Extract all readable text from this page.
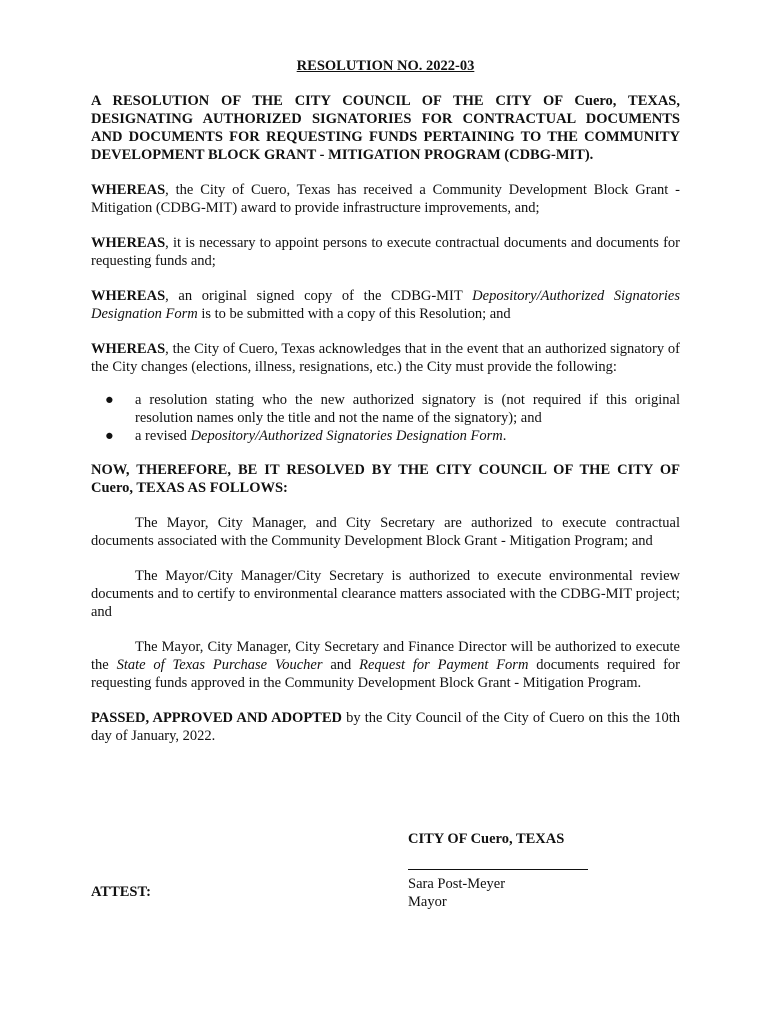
RESOLUTION NO. 2022-03
A RESOLUTION OF THE CITY COUNCIL OF THE CITY OF Cuero, TEXAS, DESIGNATING AUTHORIZED SIGNATORIES FOR CONTRACTUAL DOCUMENTS AND DOCUMENTS FOR REQUESTING FUNDS PERTAINING TO THE COMMUNITY DEVELOPMENT BLOCK GRANT - MITIGATION PROGRAM (CDBG-MIT).

WHEREAS, the City of Cuero, Texas has received a Community Development Block Grant - Mitigation (CDBG-MIT) award to provide infrastructure improvements, and;

WHEREAS, it is necessary to appoint persons to execute contractual documents and documents for requesting funds and;

WHEREAS, an original signed copy of the CDBG-MIT Depository/Authorized Signatories Designation Form is to be submitted with a copy of this Resolution; and

WHEREAS, the City of Cuero, Texas acknowledges that in the event that an authorized signatory of the City changes (elections, illness, resignations, etc.) the City must provide the following:

● a resolution stating who the new authorized signatory is (not required if this original resolution names only the title and not the name of the signatory); and
● a revised Depository/Authorized Signatories Designation Form.
NOW, THEREFORE, BE IT RESOLVED BY THE CITY COUNCIL OF THE CITY OF Cuero, TEXAS AS FOLLOWS:

The Mayor, City Manager, and City Secretary are authorized to execute contractual documents associated with the Community Development Block Grant - Mitigation Program; and

The Mayor/City Manager/City Secretary is authorized to execute environmental review documents and to certify to environmental clearance matters associated with the CDBG-MIT project; and

The Mayor, City Manager, City Secretary and Finance Director will be authorized to execute the State of Texas Purchase Voucher and Request for Payment Form documents required for requesting funds approved in the Community Development Block Grant - Mitigation Program.

PASSED, APPROVED AND ADOPTED by the City Council of the City of Cuero on this the 10th day of January, 2022.

CITY OF Cuero, TEXAS
Sara Post-Meyer
Mayor
ATTEST:
